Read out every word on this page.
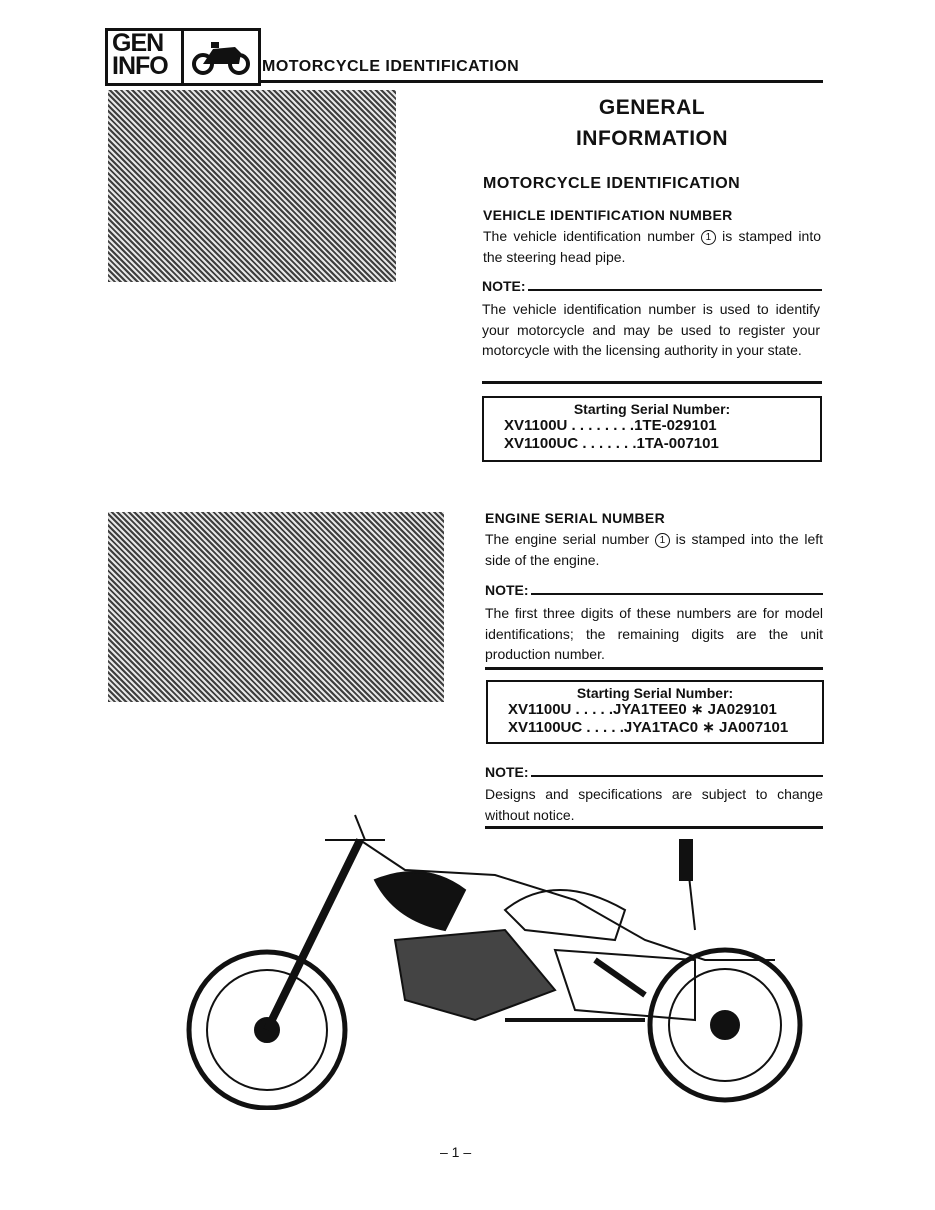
GEN
INFO	MOTORCYCLE IDENTIFICATION
GENERAL
INFORMATION
MOTORCYCLE IDENTIFICATION
VEHICLE IDENTIFICATION NUMBER
The vehicle identification number 1 is stamped into the steering head pipe.
NOTE:
The vehicle identification number is used to identify your motorcycle and may be used to register your motorcycle with the licensing authority in your state.
Starting Serial Number:
XV1100U . . . . . . . .1TE-029101
XV1100UC . . . . . . .1TA-007101
ENGINE SERIAL NUMBER
The engine serial number 1 is stamped into the left side of the engine.
NOTE:
The first three digits of these numbers are for model identifications; the remaining digits are the unit production number.
Starting Serial Number:
XV1100U . . . . .JYA1TEE0 ∗ JA029101
XV1100UC . . . . .JYA1TAC0 ∗ JA007101
NOTE:
Designs and specifications are subject to change without notice.
– 1 –
